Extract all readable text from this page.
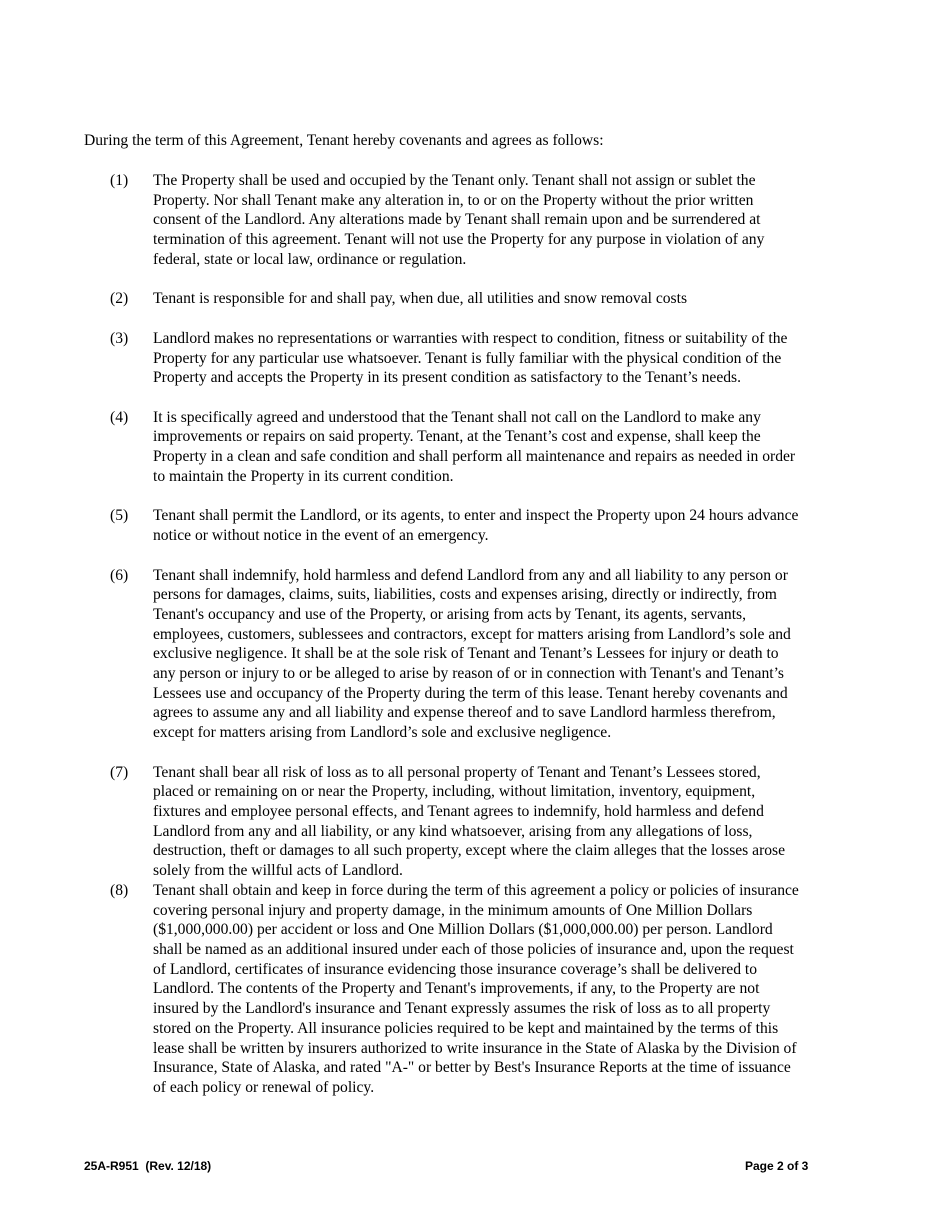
During the term of this Agreement, Tenant hereby covenants and agrees as follows:

(1)	The Property shall be used and occupied by the Tenant only. Tenant shall not assign or sublet the
Property. Nor shall Tenant make any alteration in, to or on the Property without the prior written
consent of the Landlord. Any alterations made by Tenant shall remain upon and be surrendered at
termination of this agreement. Tenant will not use the Property for any purpose in violation of any
federal, state or local law, ordinance or regulation.
(2)	Tenant is responsible for and shall pay, when due, all utilities and snow removal costs
(3)	Landlord makes no representations or warranties with respect to condition, fitness or suitability of the
Property for any particular use whatsoever. Tenant is fully familiar with the physical condition of the
Property and accepts the Property in its present condition as satisfactory to the Tenant’s needs.
(4)	It is specifically agreed and understood that the Tenant shall not call on the Landlord to make any
improvements or repairs on said property. Tenant, at the Tenant’s cost and expense, shall keep the
Property in a clean and safe condition and shall perform all maintenance and repairs as needed in order
to maintain the Property in its current condition.
(5)	Tenant shall permit the Landlord, or its agents, to enter and inspect the Property upon 24 hours advance
notice or without notice in the event of an emergency.
(6)	Tenant shall indemnify, hold harmless and defend Landlord from any and all liability to any person or
persons for damages, claims, suits, liabilities, costs and expenses arising, directly or indirectly, from
Tenant's occupancy and use of the Property, or arising from acts by Tenant, its agents, servants,
employees, customers, sublessees and contractors, except for matters arising from Landlord’s sole and
exclusive negligence. It shall be at the sole risk of Tenant and Tenant’s Lessees for injury or death to
any person or injury to or be alleged to arise by reason of or in connection with Tenant's and Tenant’s
Lessees use and occupancy of the Property during the term of this lease. Tenant hereby covenants and
agrees to assume any and all liability and expense thereof and to save Landlord harmless therefrom,
except for matters arising from Landlord’s sole and exclusive negligence.
(7)	Tenant shall bear all risk of loss as to all personal property of Tenant and Tenant’s Lessees stored,
placed or remaining on or near the Property, including, without limitation, inventory, equipment,
fixtures and employee personal effects, and Tenant agrees to indemnify, hold harmless and defend
Landlord from any and all liability, or any kind whatsoever, arising from any allegations of loss,
destruction, theft or damages to all such property, except where the claim alleges that the losses arose
solely from the willful acts of Landlord.
(8)	Tenant shall obtain and keep in force during the term of this agreement a policy or policies of insurance
covering personal injury and property damage, in the minimum amounts of One Million Dollars
($1,000,000.00) per accident or loss and One Million Dollars ($1,000,000.00) per person. Landlord
shall be named as an additional insured under each of those policies of insurance and, upon the request
of Landlord, certificates of insurance evidencing those insurance coverage’s shall be delivered to
Landlord. The contents of the Property and Tenant's improvements, if any, to the Property are not
insured by the Landlord's insurance and Tenant expressly assumes the risk of loss as to all property
stored on the Property. All insurance policies required to be kept and maintained by the terms of this
lease shall be written by insurers authorized to write insurance in the State of Alaska by the Division of
Insurance, State of Alaska, and rated "A-" or better by Best's Insurance Reports at the time of issuance
of each policy or renewal of policy.
25A-R951  (Rev. 12/18)	Page 2 of 3
